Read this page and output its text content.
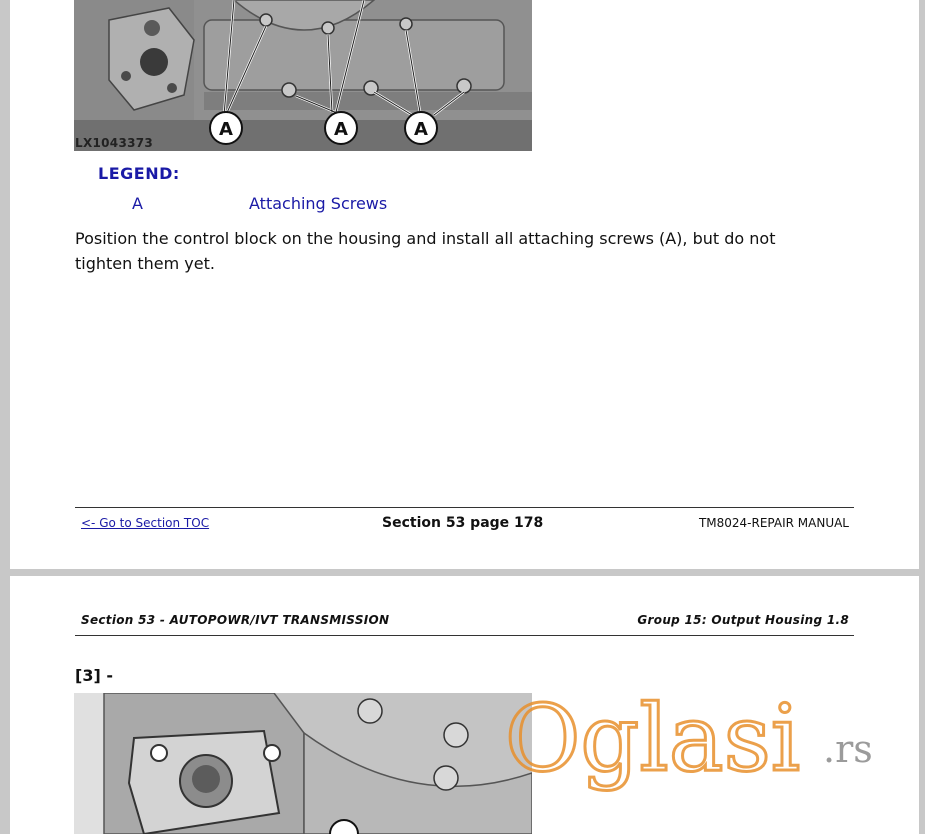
A	A	A
LX1043373
LEGEND:
A	Attaching Screws
Position the control block on the housing and install all attaching screws (A), but do not tighten them yet.
<- Go to Section TOC	Section 53 page 178	TM8024-REPAIR MANUAL
Section 53 - AUTOPOWR/IVT TRANSMISSION	Group 15: Output Housing 1.8
[3] -
Oglasi .rs
